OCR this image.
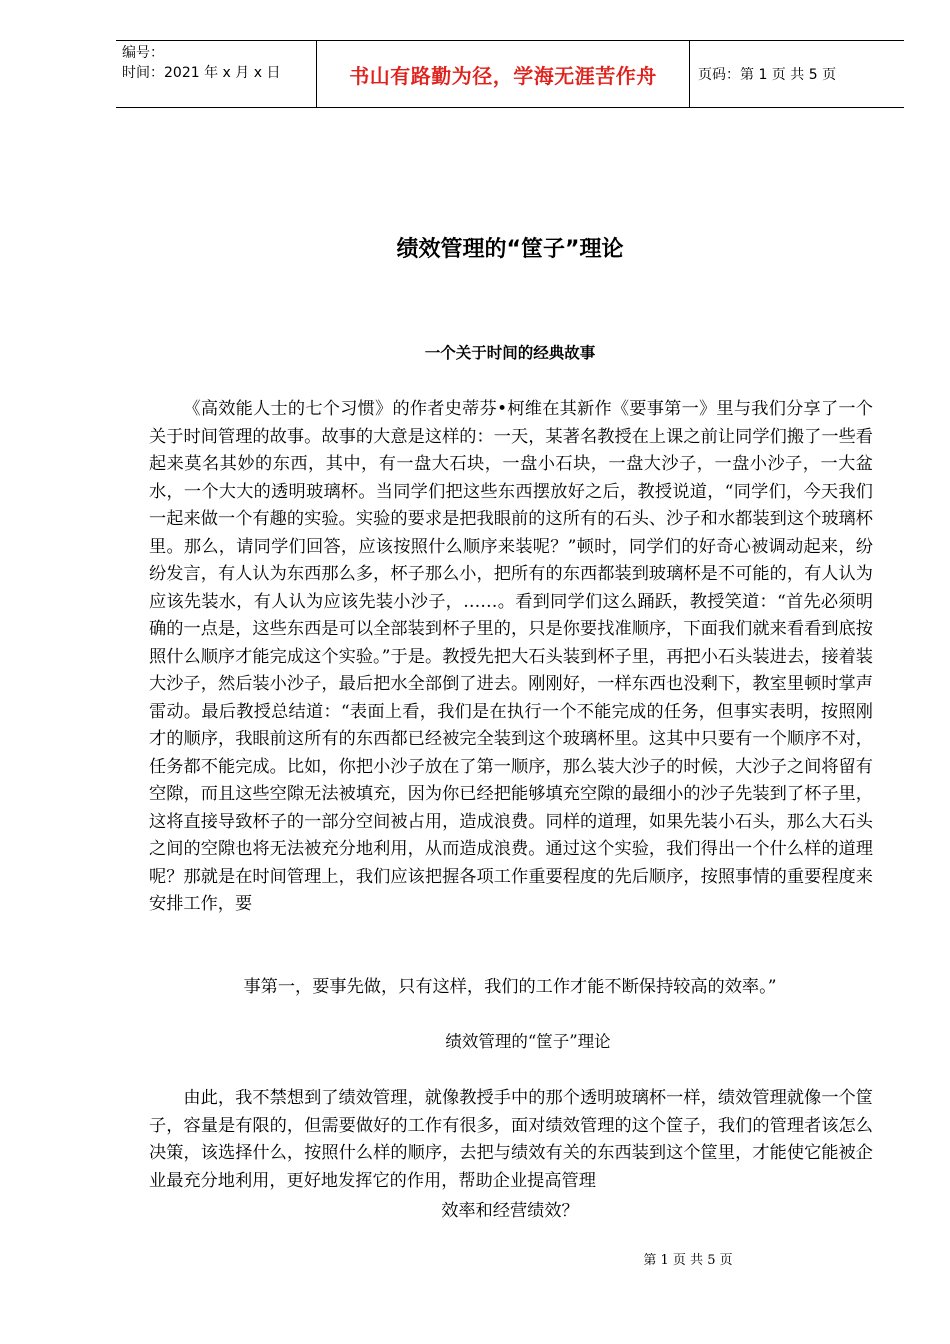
编号：
时间：2021 年 x 月 x 日	书山有路勤为径，学海无涯苦作舟	页码：第 1 页 共 5 页
绩效管理的“筐子”理论
一个关于时间的经典故事

《高效能人士的七个习惯》的作者史蒂芬•柯维在其新作《要事第一》里与我们分享了一个关于时间管理的故事。故事的大意是这样的：一天，某著名教授在上课之前让同学们搬了一些看起来莫名其妙的东西，其中，有一盘大石块，一盘小石块，一盘大沙子，一盘小沙子，一大盆水，一个大大的透明玻璃杯。当同学们把这些东西摆放好之后，教授说道，“同学们，今天我们一起来做一个有趣的实验。实验的要求是把我眼前的这所有的石头、沙子和水都装到这个玻璃杯里。那么，请同学们回答，应该按照什么顺序来装呢？”顿时，同学们的好奇心被调动起来，纷纷发言，有人认为东西那么多，杯子那么小，把所有的东西都装到玻璃杯是不可能的，有人认为应该先装水，有人认为应该先装小沙子，……。看到同学们这么踊跃，教授笑道：“首先必须明确的一点是，这些东西是可以全部装到杯子里的，只是你要找准顺序，下面我们就来看看到底按照什么顺序才能完成这个实验。”于是。教授先把大石头装到杯子里，再把小石头装进去，接着装大沙子，然后装小沙子，最后把水全部倒了进去。刚刚好，一样东西也没剩下，教室里顿时掌声雷动。最后教授总结道：“表面上看，我们是在执行一个不能完成的任务，但事实表明，按照刚才的顺序，我眼前这所有的东西都已经被完全装到这个玻璃杯里。这其中只要有一个顺序不对，任务都不能完成。比如，你把小沙子放在了第一顺序，那么装大沙子的时候，大沙子之间将留有空隙，而且这些空隙无法被填充，因为你已经把能够填充空隙的最细小的沙子先装到了杯子里，这将直接导致杯子的一部分空间被占用，造成浪费。同样的道理，如果先装小石头，那么大石头之间的空隙也将无法被充分地利用，从而造成浪费。通过这个实验，我们得出一个什么样的道理呢？那就是在时间管理上，我们应该把握各项工作重要程度的先后顺序，按照事情的重要程度来安排工作，要

事第一，要事先做，只有这样，我们的工作才能不断保持较高的效率。”
绩效管理的“筐子”理论

由此，我不禁想到了绩效管理，就像教授手中的那个透明玻璃杯一样，绩效管理就像一个筐子，容量是有限的，但需要做好的工作有很多，面对绩效管理的这个筐子，我们的管理者该怎么决策，该选择什么，按照什么样的顺序，去把与绩效有关的东西装到这个筐里，才能使它能被企业最充分地利用，更好地发挥它的作用，帮助企业提高管理

效率和经营绩效？
第 1 页 共 5 页
